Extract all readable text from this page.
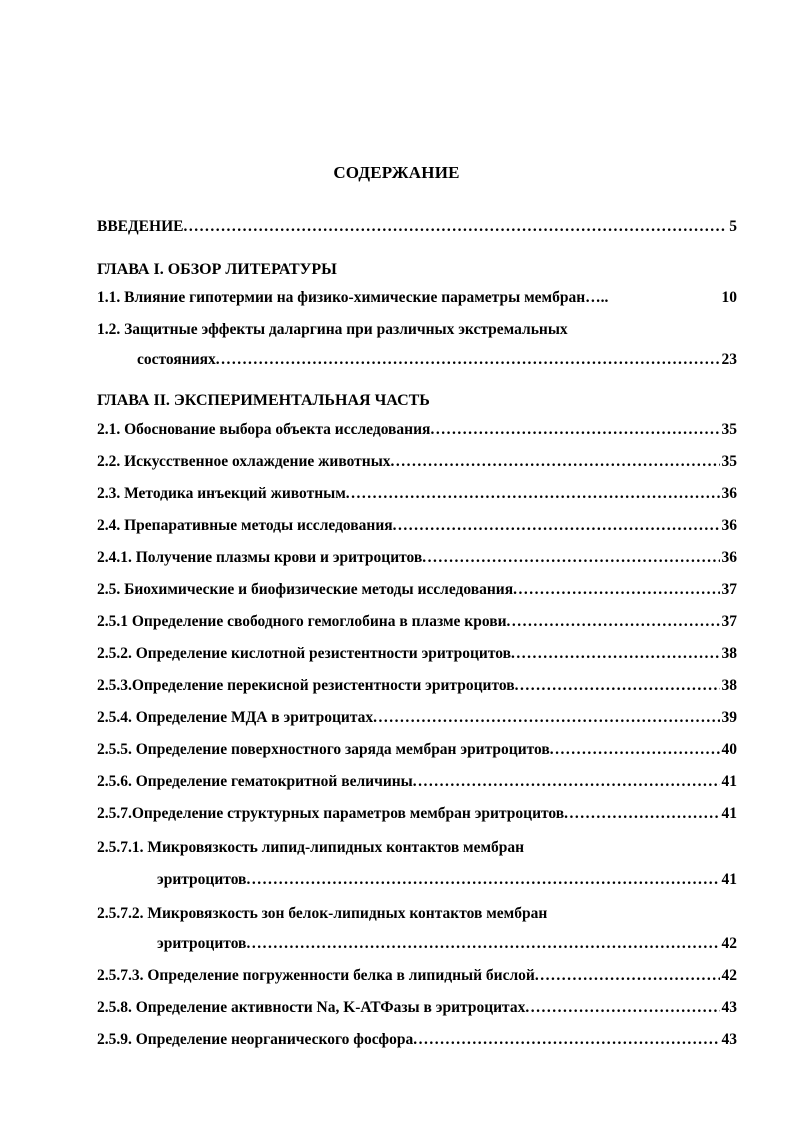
СОДЕРЖАНИЕ
ВВЕДЕНИЕ .....	5
ГЛАВА I. ОБЗОР ЛИТЕРАТУРЫ
1.1. Влияние гипотермии на физико-химические параметры мембран…..	10
1.2. Защитные эффекты даларгина при различных экстремальных
состояниях .....	23
ГЛАВА II. ЭКСПЕРИМЕНТАЛЬНАЯ ЧАСТЬ
2.1. Обоснование выбора объекта исследования .....	35
2.2. Искусственное охлаждение животных .....	35
2.3. Методика инъекций животным .....	36
2.4. Препаративные методы исследования .....	36
2.4.1. Получение плазмы крови и эритроцитов .....	36
2.5. Биохимические и биофизические методы исследования .....	37
2.5.1 Определение свободного гемоглобина в плазме крови .....	37
2.5.2. Определение кислотной резистентности эритроцитов .....	38
2.5.3.Определение перекисной резистентности эритроцитов .....	38
2.5.4. Определение МДА в эритроцитах .....	39
2.5.5. Определение поверхностного заряда мембран эритроцитов .....	40
2.5.6. Определение гематокритной величины .....	41
2.5.7.Определение структурных параметров мембран эритроцитов .....	41
2.5.7.1. Микровязкость липид-липидных контактов мембран
эритроцитов .....	41
2.5.7.2. Микровязкость зон белок-липидных контактов мембран
эритроцитов .....	42
2.5.7.3. Определение погруженности белка в липидный бислой .....	42
2.5.8. Определение активности Na, K-АТФазы в эритроцитах .....	43
2.5.9. Определение неорганического фосфора .....	43
